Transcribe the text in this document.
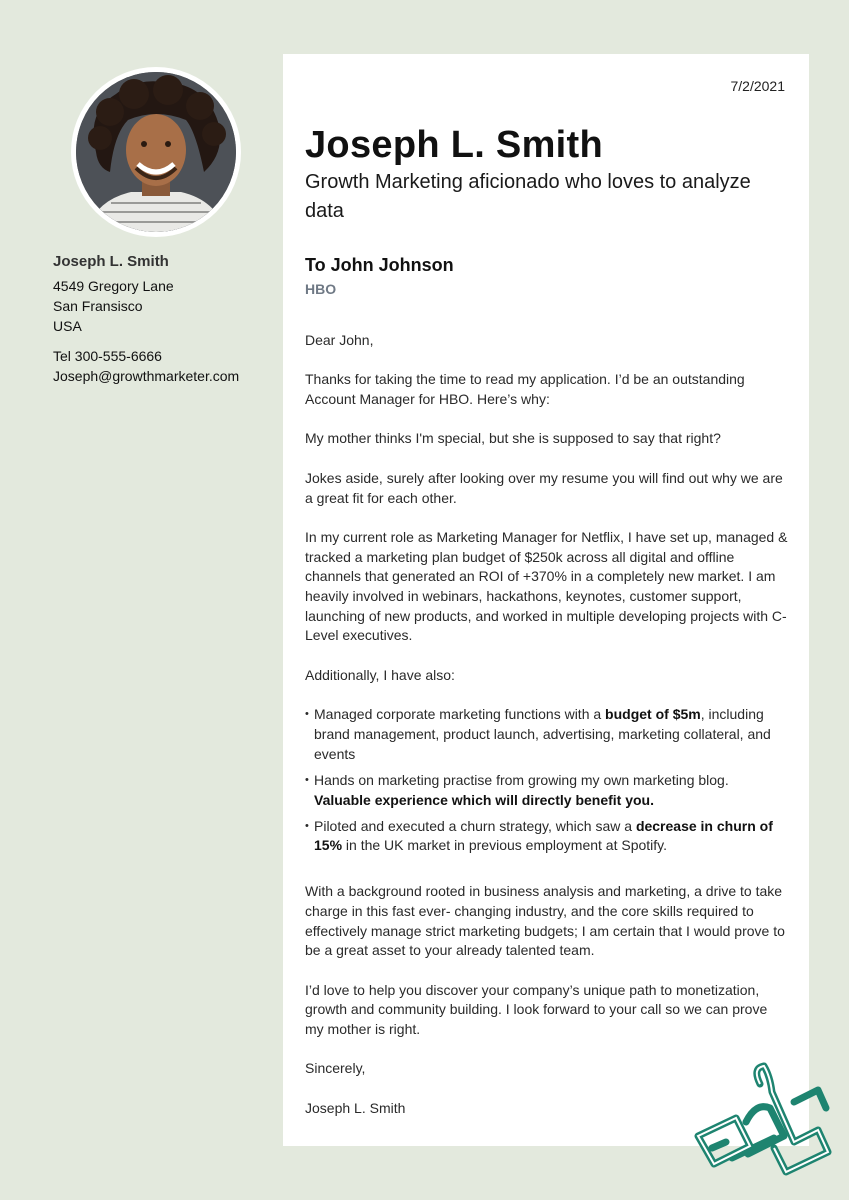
Joseph L. Smith

4549 Gregory Lane

San Fransisco

USA

Tel 300-555-6666

Joseph@growthmarketer.com

7/2/2021
Joseph L. Smith

Growth Marketing aficionado who loves to analyze data

To John Johnson

HBO

Dear John,

Thanks for taking the time to read my application. I’d be an outstanding Account Manager for HBO. Here’s why:

My mother thinks I'm special, but she is supposed to say that right?

Jokes aside, surely after looking over my resume you will find out why we are a great fit for each other.

In my current role as Marketing Manager for Netflix, I have set up, managed & tracked a marketing plan budget of $250k across all digital and offline channels that generated an ROI of +370% in a completely new market. I am heavily involved in webinars, hackathons, keynotes, customer support, launching of new products, and worked in multiple developing projects with C-Level executives.

Additionally, I have also:

• Managed corporate marketing functions with a budget of $5m, including brand management, product launch, advertising, marketing collateral, and events
• Hands on marketing practise from growing my own marketing blog. Valuable experience which will directly benefit you.
• Piloted and executed a churn strategy, which saw a decrease in churn of 15% in the UK market in previous employment at Spotify.

With a background rooted in business analysis and marketing, a drive to take charge in this fast ever- changing industry, and the core skills required to effectively manage strict marketing budgets; I am certain that I would prove to be a great asset to your already talented team.

I’d love to help you discover your company’s unique path to monetization, growth and community building. I look forward to your call so we can prove my mother is right.

Sincerely,

Joseph L. Smith
